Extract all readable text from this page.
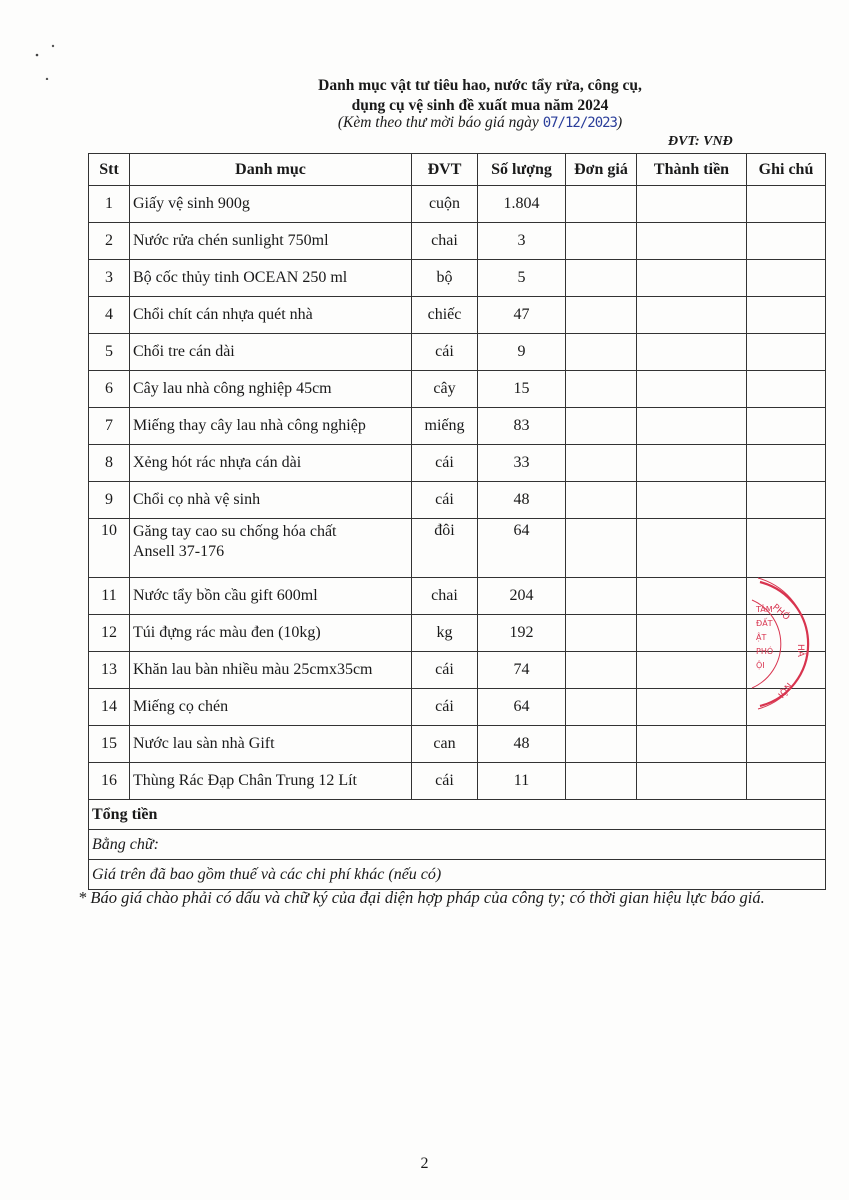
Danh mục vật tư tiêu hao, nước tẩy rửa, công cụ,
dụng cụ vệ sinh đề xuất mua năm 2024
(Kèm theo thư mời báo giá ngày 07/12/2023)
ĐVT: VNĐ
Stt	Danh mục	ĐVT	Số lượng	Đơn giá	Thành tiền	Ghi chú
1	Giấy vệ sinh 900g	cuộn	1.804			
2	Nước rửa chén sunlight 750ml	chai	3			
3	Bộ cốc thủy tinh OCEAN 250 ml	bộ	5			
4	Chổi chít cán nhựa quét nhà	chiếc	47			
5	Chổi tre cán dài	cái	9			
6	Cây lau nhà công nghiệp 45cm	cây	15			
7	Miếng thay cây lau nhà công nghiệp	miếng	83			
8	Xẻng hót rác nhựa cán dài	cái	33			
9	Chổi cọ nhà vệ sinh	cái	48			
10	Găng tay cao su chống hóa chất
Ansell 37-176	đôi	64			
11	Nước tẩy bồn cầu gift 600ml	chai	204			
12	Túi đựng rác màu đen (10kg)	kg	192			
13	Khăn lau bàn nhiều màu 25cmx35cm	cái	74			
14	Miếng cọ chén	cái	64			
15	Nước lau sàn nhà Gift	can	48			
16	Thùng Rác Đạp Chân Trung 12 Lít	cái	11			
Tổng tiền						
Bằng chữ:						
Giá trên đã bao gồm thuế và các chi phí khác (nếu có)						
* Báo giá chào phải có dấu và chữ ký của đại diện hợp pháp của công ty; có thời gian hiệu lực báo giá.
PHÓ
HÀ
NỘI
TÂM
ĐẤT
ẬT
PHÓ
ỘI
2
